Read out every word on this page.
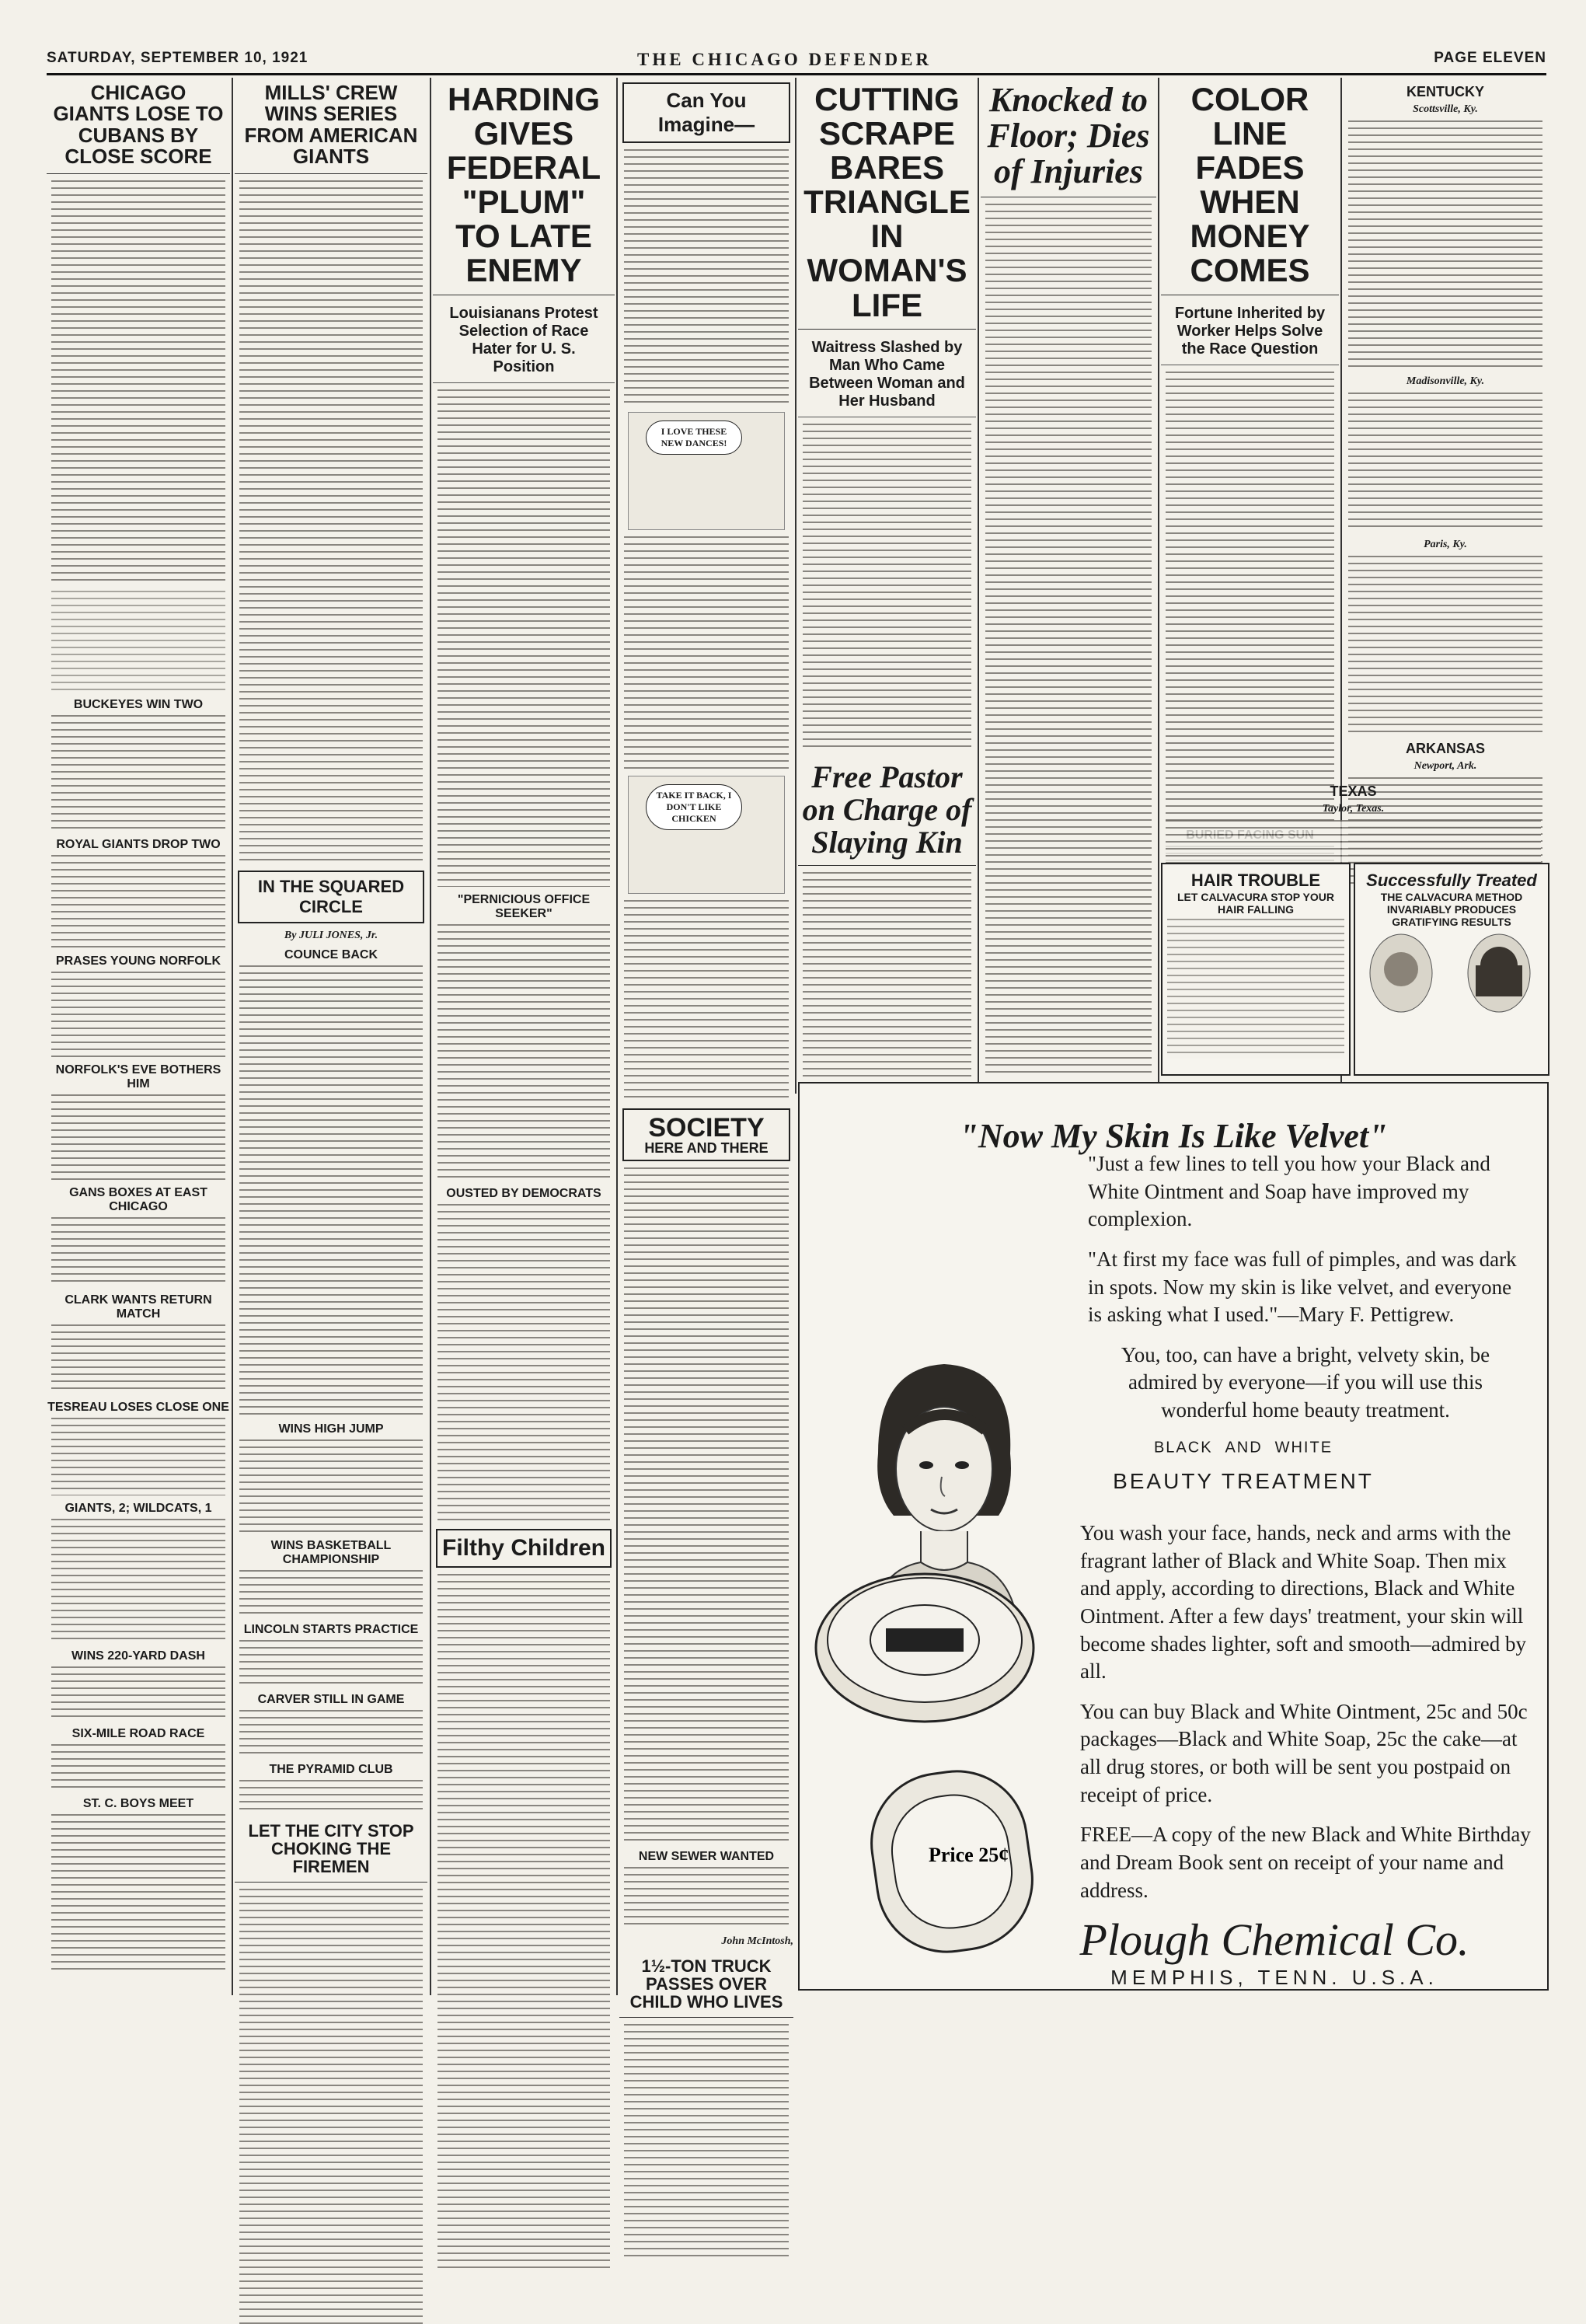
SATURDAY, SEPTEMBER 10, 1921	THE CHICAGO DEFENDER	PAGE ELEVEN
CHICAGO GIANTS LOSE TO CUBANS BY CLOSE SCORE
BUCKEYES WIN TWO
ROYAL GIANTS DROP TWO
PRASES YOUNG NORFOLK
NORFOLK'S EVE BOTHERS HIM
GANS BOXES AT EAST CHICAGO
CLARK WANTS RETURN MATCH
TESREAU LOSES CLOSE ONE
GIANTS, 2; WILDCATS, 1
WINS 220-YARD DASH
SIX-MILE ROAD RACE
ST. C. BOYS MEET
MILLS' CREW WINS SERIES FROM AMERICAN GIANTS
IN THE SQUARED CIRCLE
By JULI JONES, Jr.
COUNCE BACK
WINS HIGH JUMP
WINS BASKETBALL CHAMPIONSHIP
LINCOLN STARTS PRACTICE
CARVER STILL IN GAME
THE PYRAMID CLUB
LET THE CITY STOP CHOKING THE FIREMEN
HARDING GIVES FEDERAL "PLUM" TO LATE ENEMY
Louisianans Protest Selection of Race Hater for U. S. Position
"PERNICIOUS OFFICE SEEKER"
OUSTED BY DEMOCRATS
Filthy Children
Can You Imagine—
I LOVE THESE NEW DANCES!
TAKE IT BACK, I DON'T LIKE CHICKEN
SOCIETY
HERE AND THERE
NEW SEWER WANTED
John McIntosh,
1½-TON TRUCK PASSES OVER CHILD WHO LIVES
CUTTING SCRAPE BARES TRIANGLE IN WOMAN'S LIFE
Waitress Slashed by Man Who Came Between Woman and Her Husband
Free Pastor on Charge of Slaying Kin
Knocked to Floor; Dies of Injuries
COLOR LINE FADES WHEN MONEY COMES
Fortune Inherited by Worker Helps Solve the Race Question
KENTUCKY
Scottsville, Ky.
Madisonville, Ky.
Paris, Ky.
ARKANSAS
Newport, Ark.
TEXAS
Taylor, Texas.
HAIR TROUBLE
LET CALVACURA STOP YOUR HAIR FALLING
Successfully Treated
THE CALVACURA METHOD INVARIABLY PRODUCES GRATIFYING RESULTS
"Now My Skin Is Like Velvet"

"Just a few lines to tell you how your Black and White Ointment and Soap have improved my complexion.

"At first my face was full of pimples, and was dark in spots. Now my skin is like velvet, and everyone is asking what I used."—Mary F. Pettigrew.

You, too, can have a bright, velvety skin, be admired by everyone—if you will use this wonderful home beauty treatment.

BLACK AND WHITE
BEAUTY TREATMENT

You wash your face, hands, neck and arms with the fragrant lather of Black and White Soap. Then mix and apply, according to directions, Black and White Ointment. After a few days' treatment, your skin will become shades lighter, soft and smooth—admired by all.

You can buy Black and White Ointment, 25c and 50c packages—Black and White Soap, 25c the cake—at all drug stores, or both will be sent you postpaid on receipt of price.

FREE—A copy of the new Black and White Birthday and Dream Book sent on receipt of your name and address.

Plough Chemical Co.
MEMPHIS, TENN. U.S.A.
Price 25¢
